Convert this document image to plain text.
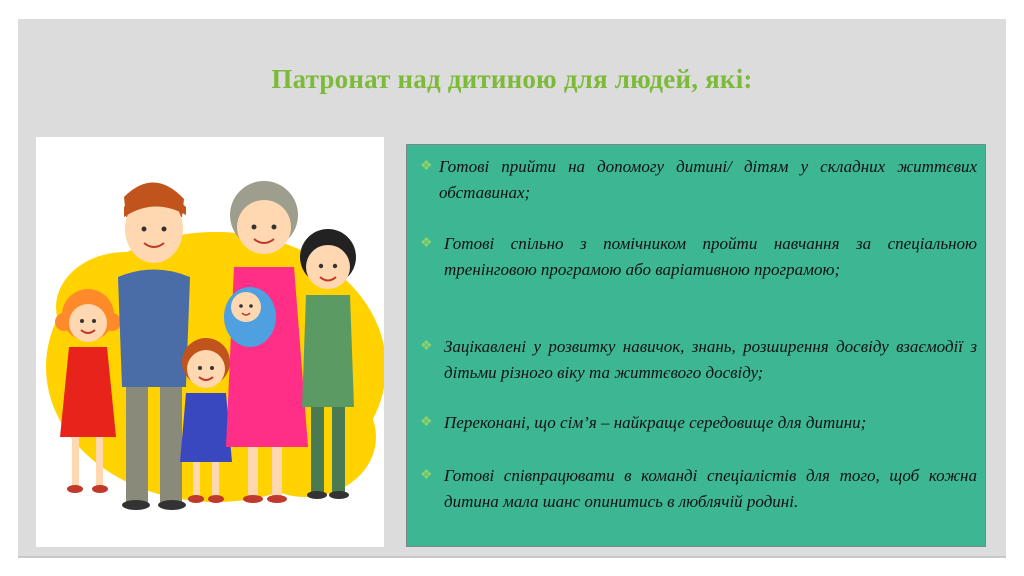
Патронат над дитиною для людей, які:
❖ Готові прийти на допомогу дитині/ дітям у складних життєвих обставинах;
❖ Готові спільно з помічником пройти навчання за спеціальною тренінговою програмою або варіативною програмою;
❖ Зацікавлені у розвитку навичок, знань, розширення досвіду взаємодії з дітьми різного віку та життєвого досвіду;
❖ Переконані, що сім’я – найкраще середовище для дитини;
❖ Готові співпрацювати в команді спеціалістів для того, щоб кожна дитина мала шанс опинитись в люблячій родині.
